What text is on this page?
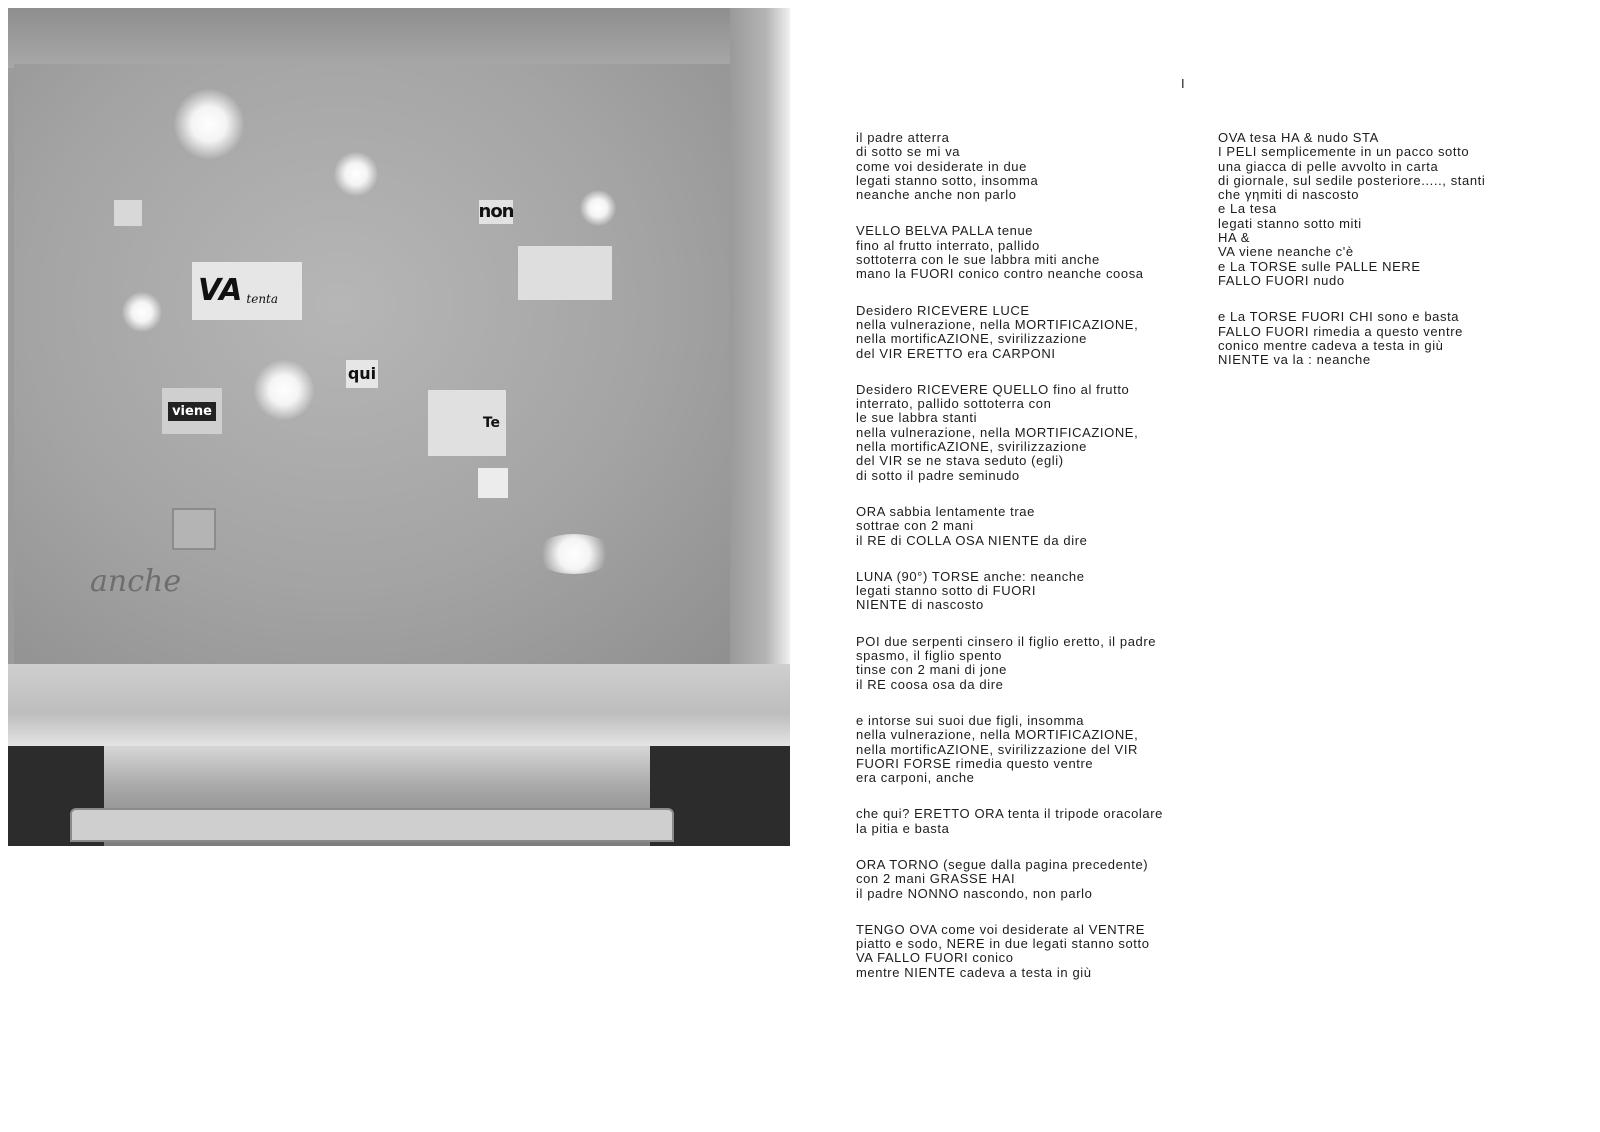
non
VA tenta
qui
viene
Te
anche
I
il padre atterra
di sotto se mi va
come voi desiderate in due
legati stanno sotto, insomma
neanche anche non parlo
VELLO BELVA PALLA tenue
fino al frutto interrato, pallido
sottoterra con le sue labbra miti anche
mano la FUORI conico contro neanche coosa
Desidero RICEVERE LUCE
nella vulnerazione, nella MORTIFICAZIONE,
nella mortificAZIONE, svirilizzazione
del VIR ERETTO era CARPONI
Desidero RICEVERE QUELLO fino al frutto
interrato, pallido sottoterra con
le sue labbra stanti
nella vulnerazione, nella MORTIFICAZIONE,
nella mortificAZIONE, svirilizzazione
del VIR se ne stava seduto (egli)
di sotto il padre seminudo
ORA sabbia lentamente trae
sottrae con 2 mani
il RE di COLLA OSA NIENTE da dire
LUNA (90°) TORSE anche: neanche
legati stanno sotto di FUORI
NIENTE di nascosto
POI due serpenti cinsero il figlio eretto, il padre
spasmo, il figlio spento
tinse con 2 mani di jone
il RE coosa osa da dire
e intorse sui suoi due figli, insomma
nella vulnerazione, nella MORTIFICAZIONE,
nella mortificAZIONE, svirilizzazione del VIR
FUORI FORSE rimedia questo ventre
era carponi, anche
che qui? ERETTO ORA tenta il tripode oracolare
la pitia e basta
ORA TORNO (segue dalla pagina precedente)
con 2 mani GRASSE HAI
il padre NONNO nascondo, non parlo
TENGO OVA come voi desiderate al VENTRE
piatto e sodo, NERE in due legati stanno sotto
VA FALLO FUORI conico
mentre NIENTE cadeva a testa in giù
OVA tesa HA & nudo STA
I PELI semplicemente in un pacco sotto
una giacca di pelle avvolto in carta
di giornale, sul sedile posteriore....., stanti
che γηmiti di nascosto
e La tesa
legati stanno sotto miti
HA &
VA viene neanche c'è
e La TORSE sulle PALLE NERE
FALLO FUORI nudo
e La TORSE FUORI CHI sono e basta
FALLO FUORI rimedia a questo ventre
conico mentre cadeva a testa in giù
NIENTE va la : neanche
